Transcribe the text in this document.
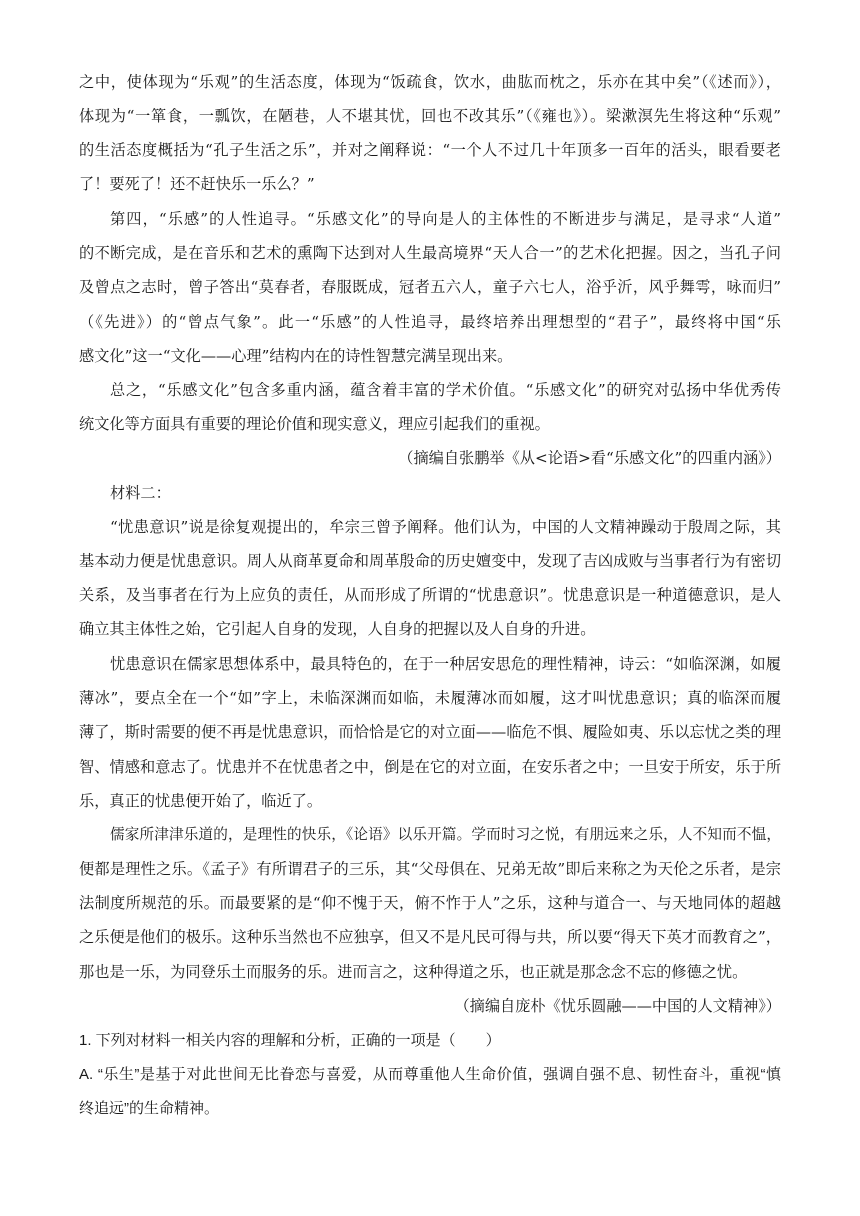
之中，使体现为“乐观”的生活态度，体现为“饭疏食，饮水，曲肱而枕之，乐亦在其中矣”（《述而》），
体现为“一箪食，一瓢饮，在陋巷，人不堪其忧，回也不改其乐”（《雍也》）。梁漱溟先生将这种“乐观”
的生活态度概括为“孔子生活之乐”，并对之阐释说：“一个人不过几十年顶多一百年的活头，眼看要老
了！要死了！还不赶快乐一乐么？”
第四，“乐感”的人性追寻。“乐感文化”的导向是人的主体性的不断进步与满足，是寻求“人道”
的不断完成，是在音乐和艺术的熏陶下达到对人生最高境界“天人合一”的艺术化把握。因之，当孔子问
及曾点之志时，曾子答出“莫春者，春服既成，冠者五六人，童子六七人，浴乎沂，风乎舞雩，咏而归”
（《先进》）的“曾点气象”。此一“乐感”的人性追寻，最终培养出理想型的“君子”，最终将中国“乐
感文化”这一“文化——心理”结构内在的诗性智慧完满呈现出来。
总之，“乐感文化”包含多重内涵，蕴含着丰富的学术价值。“乐感文化”的研究对弘扬中华优秀传
统文化等方面具有重要的理论价值和现实意义，理应引起我们的重视。
（摘编自张鹏举《从<论语>看“乐感文化”的四重内涵》）
材料二：
“忧患意识”说是徐复观提出的，牟宗三曾予阐释。他们认为，中国的人文精神躁动于殷周之际，其
基本动力便是忧患意识。周人从商革夏命和周革殷命的历史嬗变中，发现了吉凶成败与当事者行为有密切
关系，及当事者在行为上应负的责任，从而形成了所谓的“忧患意识”。忧患意识是一种道德意识，是人
确立其主体性之始，它引起人自身的发现，人自身的把握以及人自身的升进。
忧患意识在儒家思想体系中，最具特色的，在于一种居安思危的理性精神，诗云：“如临深渊，如履
薄冰”，要点全在一个“如”字上，未临深渊而如临，未履薄冰而如履，这才叫忧患意识；真的临深而履
薄了，斯时需要的便不再是忧患意识，而恰恰是它的对立面——临危不惧、履险如夷、乐以忘忧之类的理
智、情感和意志了。忧患并不在忧患者之中，倒是在它的对立面，在安乐者之中；一旦安于所安，乐于所
乐，真正的忧患便开始了，临近了。
儒家所津津乐道的，是理性的快乐，《论语》以乐开篇。学而时习之悦，有朋远来之乐，人不知而不愠，
便都是理性之乐。《孟子》有所谓君子的三乐，其“父母俱在、兄弟无故”即后来称之为天伦之乐者，是宗
法制度所规范的乐。而最要紧的是“仰不愧于天，俯不怍于人”之乐，这种与道合一、与天地同体的超越
之乐便是他们的极乐。这种乐当然也不应独享，但又不是凡民可得与共，所以要“得天下英才而教育之”，
那也是一乐，为同登乐土而服务的乐。进而言之，这种得道之乐，也正就是那念念不忘的修德之忧。
（摘编自庞朴《忧乐圆融——中国的人文精神》）
1. 下列对材料一相关内容的理解和分析，正确的一项是（　　）
A. “乐生”是基于对此世间无比眷恋与喜爱，从而尊重他人生命价值，强调自强不息、韧性奋斗，重视“慎
终追远”的生命精神。
